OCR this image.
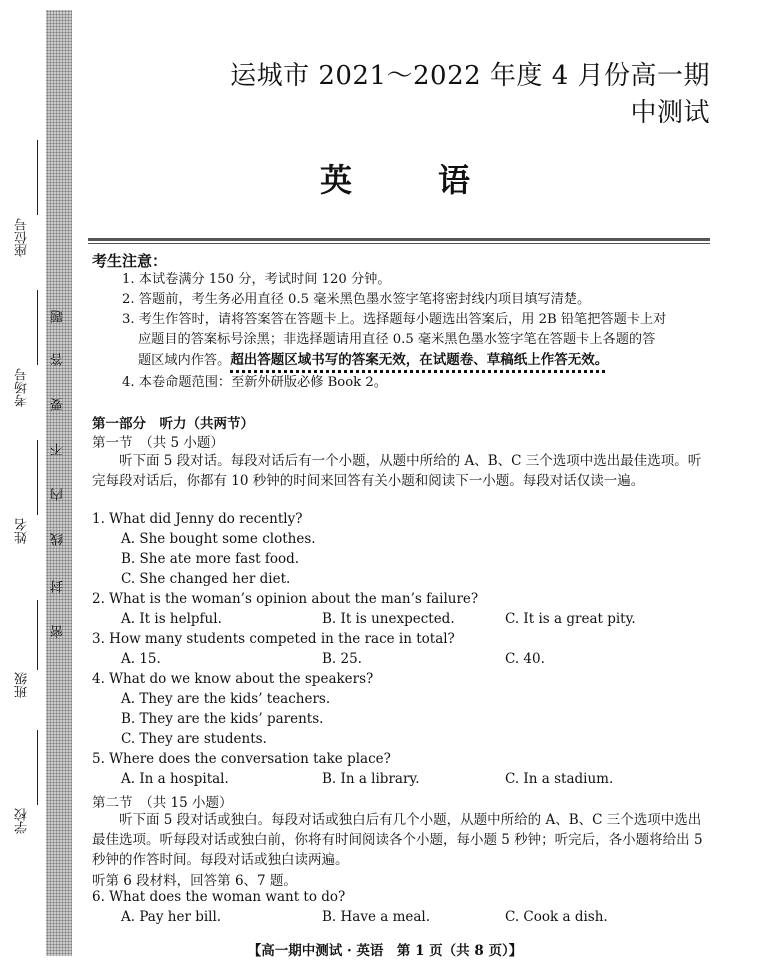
座位号
考场号
姓名
班级
学校
题
答
要
不
内
线
封
密
运城市 2021～2022 年度 4 月份高一期中测试
英	语
考生注意：
1. 本试卷满分 150 分，考试时间 120 分钟。
2. 答题前，考生务必用直径 0.5 毫米黑色墨水签字笔将密封线内项目填写清楚。
3. 考生作答时，请将答案答在答题卡上。选择题每小题选出答案后，用 2B 铅笔把答题卡上对
应题目的答案标号涂黑；非选择题请用直径 0.5 毫米黑色墨水签字笔在答题卡上各题的答
题区域内作答。超出答题区域书写的答案无效，在试题卷、草稿纸上作答无效。
4. 本卷命题范围：至新外研版必修 Book 2。
第一部分　听力（共两节）
第一节　（共 5 小题）
听下面 5 段对话。每段对话后有一个小题，从题中所给的 A、B、C 三个选项中选出最佳选项。听完每段对话后，你都有 10 秒钟的时间来回答有关小题和阅读下一小题。每段对话仅读一遍。
1. What did Jenny do recently?
A. She bought some clothes.
B. She ate more fast food.
C. She changed her diet.
2. What is the woman’s opinion about the man’s failure?
A. It is helpful.	B. It is unexpected.	C. It is a great pity.
3. How many students competed in the race in total?
A. 15.	B. 25.	C. 40.
4. What do we know about the speakers?
A. They are the kids’ teachers.
B. They are the kids’ parents.
C. They are students.
5. Where does the conversation take place?
A. In a hospital.	B. In a library.	C. In a stadium.
第二节　（共 15 小题）
听下面 5 段对话或独白。每段对话或独白后有几个小题，从题中所给的 A、B、C 三个选项中选出最佳选项。听每段对话或独白前，你将有时间阅读各个小题，每小题 5 秒钟；听完后，各小题将给出 5 秒钟的作答时间。每段对话或独白读两遍。
听第 6 段材料，回答第 6、7 题。
6. What does the woman want to do?
A. Pay her bill.	B. Have a meal.	C. Cook a dish.
【高一期中测试 · 英语　第 1 页（共 8 页）】
